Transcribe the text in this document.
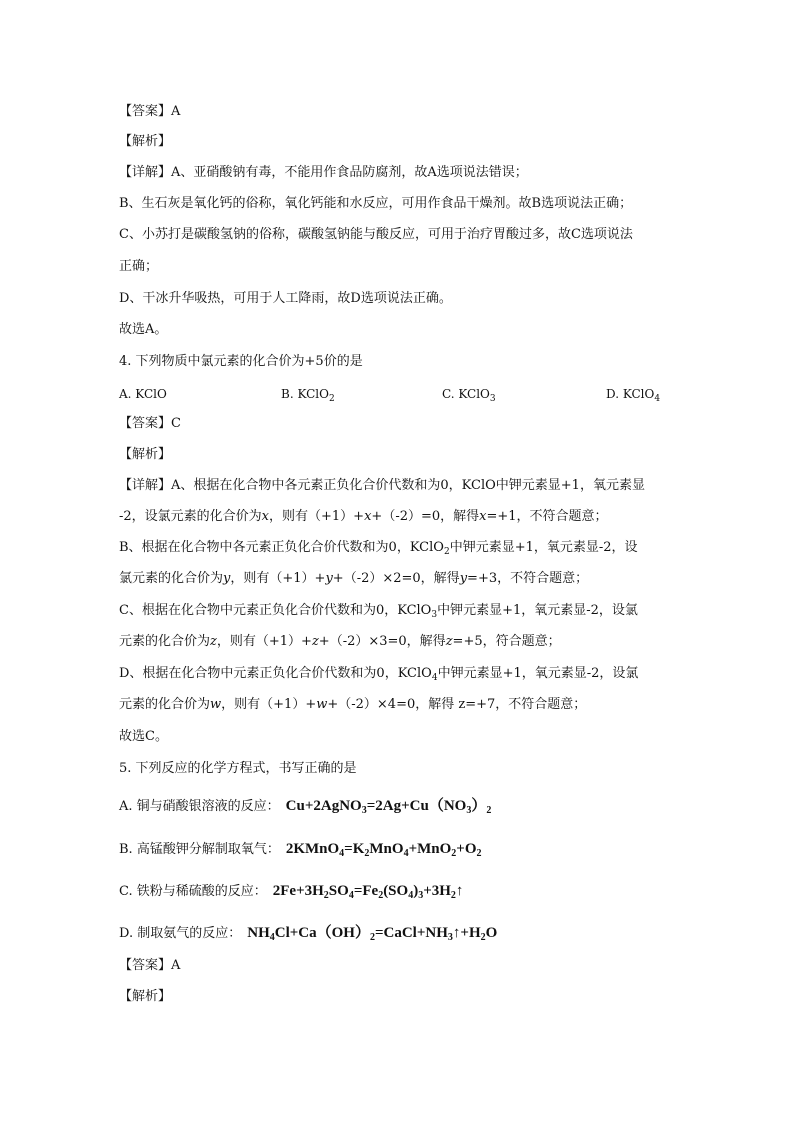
【答案】A
【解析】
【详解】A、亚硝酸钠有毒，不能用作食品防腐剂，故A选项说法错误；
B、生石灰是氧化钙的俗称，氧化钙能和水反应，可用作食品干燥剂。故B选项说法正确；
C、小苏打是碳酸氢钠的俗称，碳酸氢钠能与酸反应，可用于治疗胃酸过多，故C选项说法
正确；
D、干冰升华吸热，可用于人工降雨，故D选项说法正确。
故选A。
4. 下列物质中氯元素的化合价为+5价的是
A. KClO	B. KClO$_2$	C. KClO$_3$	D. KClO$_4$
【答案】C
【解析】
【详解】A、根据在化合物中各元素正负化合价代数和为0，KClO中钾元素显+1，氧元素显
-2，设氯元素的化合价为x，则有（+1）+x+（-2）=0，解得x=+1，不符合题意；
B、根据在化合物中各元素正负化合价代数和为0，KClO$_2$中钾元素显+1，氧元素显-2，设
氯元素的化合价为y，则有（+1）+y+（-2）×2=0，解得y=+3，不符合题意；
C、根据在化合物中元素正负化合价代数和为0，KClO$_3$中钾元素显+1，氧元素显-2，设氯
元素的化合价为z，则有（+1）+z+（-2）×3=0，解得z=+5，符合题意；
D、根据在化合物中元素正负化合价代数和为0，KClO$_4$中钾元素显+1，氧元素显-2，设氯
元素的化合价为w，则有（+1）+w+（-2）×4=0，解得 z=+7，不符合题意；
故选C。
5. 下列反应的化学方程式，书写正确的是
A. 铜与硝酸银溶液的反应： $Cu+2AgNO_3=2Ag+Cu(NO_3)_2$
B. 高锰酸钾分解制取氧气： $2KMnO_4=K_2MnO_4+MnO_2+O_2$
C. 铁粉与稀硫酸的反应： $2Fe+3H_2SO_4=Fe_2(SO_4)_3+3H_2↑$
D. 制取氨气的反应： $NH_4Cl+Ca(OH)_2=CaCl+NH_3↑+H_2O$
【答案】A
【解析】
